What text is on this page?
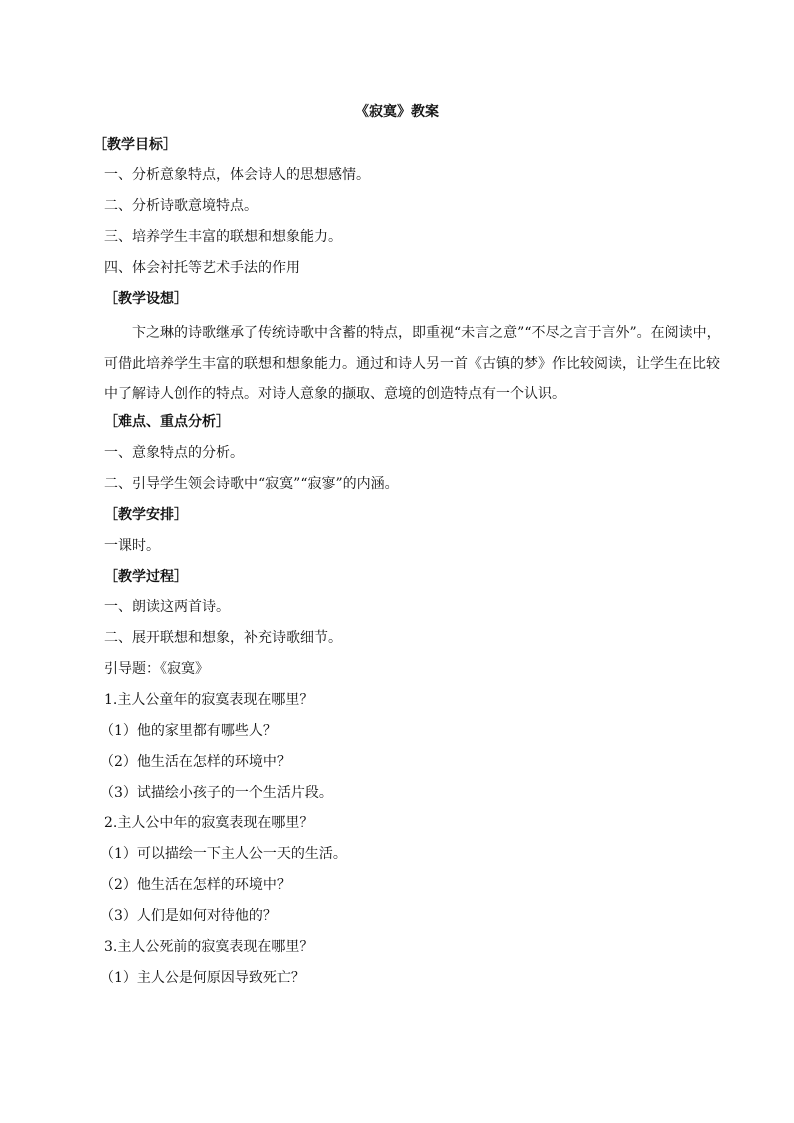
《寂寞》教案
［教学目标］
一、分析意象特点，体会诗人的思想感情。
二、分析诗歌意境特点。
三、培养学生丰富的联想和想象能力。
四、体会衬托等艺术手法的作用
［教学设想］
卞之琳的诗歌继承了传统诗歌中含蓄的特点，即重视“未言之意”“不尽之言于言外”。在阅读中，可借此培养学生丰富的联想和想象能力。通过和诗人另一首《古镇的梦》作比较阅读，让学生在比较中了解诗人创作的特点。对诗人意象的撷取、意境的创造特点有一个认识。
［难点、重点分析］
一、意象特点的分析。
二、引导学生领会诗歌中“寂寞”“寂寥”的内涵。
［教学安排］
一课时。
［教学过程］
一、朗读这两首诗。
二、展开联想和想象，补充诗歌细节。
引导题：《寂寞》
1.主人公童年的寂寞表现在哪里？
（1）他的家里都有哪些人？
（2）他生活在怎样的环境中？
（3）试描绘小孩子的一个生活片段。
2.主人公中年的寂寞表现在哪里？
（1）可以描绘一下主人公一天的生活。
（2）他生活在怎样的环境中？
（3）人们是如何对待他的？
3.主人公死前的寂寞表现在哪里？
（1）主人公是何原因导致死亡？
